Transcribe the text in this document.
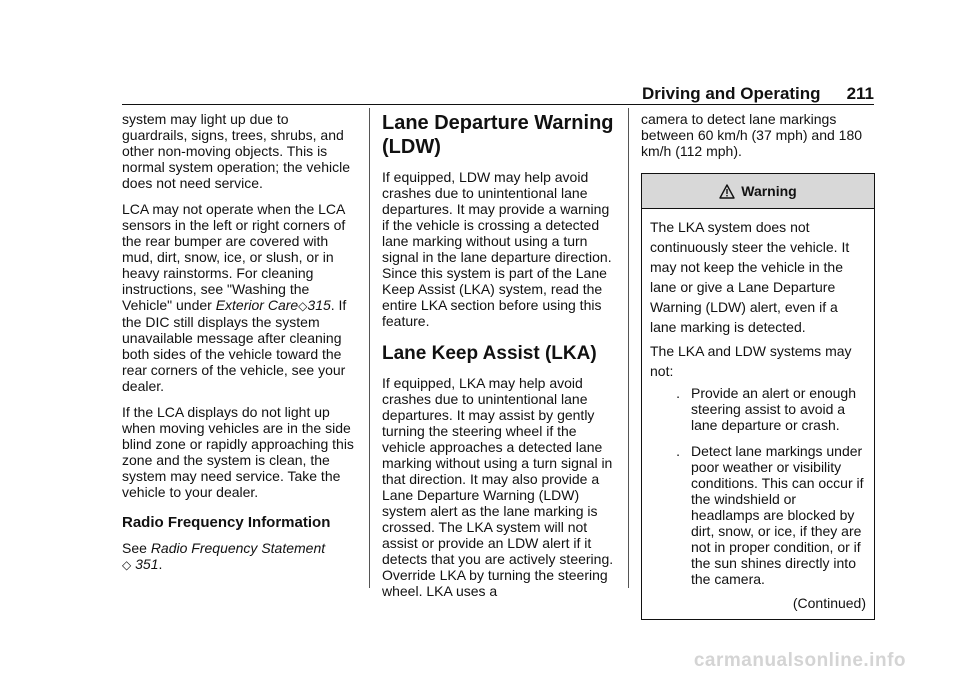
Driving and Operating 211

system may light up due to guardrails, signs, trees, shrubs, and other non-moving objects. This is normal system operation; the vehicle does not need service.

LCA may not operate when the LCA sensors in the left or right corners of the rear bumper are covered with mud, dirt, snow, ice, or slush, or in heavy rainstorms. For cleaning instructions, see "Washing the Vehicle" under Exterior Care◇315. If the DIC still displays the system unavailable message after cleaning both sides of the vehicle toward the rear corners of the vehicle, see your dealer.

If the LCA displays do not light up when moving vehicles are in the side blind zone or rapidly approaching this zone and the system is clean, the system may need service. Take the vehicle to your dealer.

Radio Frequency Information

See Radio Frequency Statement
◇ 351.

Lane Departure Warning (LDW)

If equipped, LDW may help avoid crashes due to unintentional lane departures. It may provide a warning if the vehicle is crossing a detected lane marking without using a turn signal in the lane departure direction. Since this system is part of the Lane Keep Assist (LKA) system, read the entire LKA section before using this feature.

Lane Keep Assist (LKA)

If equipped, LKA may help avoid crashes due to unintentional lane departures. It may assist by gently turning the steering wheel if the vehicle approaches a detected lane marking without using a turn signal in that direction. It may also provide a Lane Departure Warning (LDW) system alert as the lane marking is crossed. The LKA system will not assist or provide an LDW alert if it detects that you are actively steering. Override LKA by turning the steering wheel. LKA uses a

camera to detect lane markings between 60 km/h (37 mph) and 180 km/h (112 mph).

Warning

The LKA system does not continuously steer the vehicle. It may not keep the vehicle in the lane or give a Lane Departure Warning (LDW) alert, even if a lane marking is detected.

The LKA and LDW systems may not:

. Provide an alert or enough steering assist to avoid a lane departure or crash.
. Detect lane markings under poor weather or visibility conditions. This can occur if the windshield or headlamps are blocked by dirt, snow, or ice, if they are not in proper condition, or if the sun shines directly into the camera.
(Continued)
carmanualsonline.info
